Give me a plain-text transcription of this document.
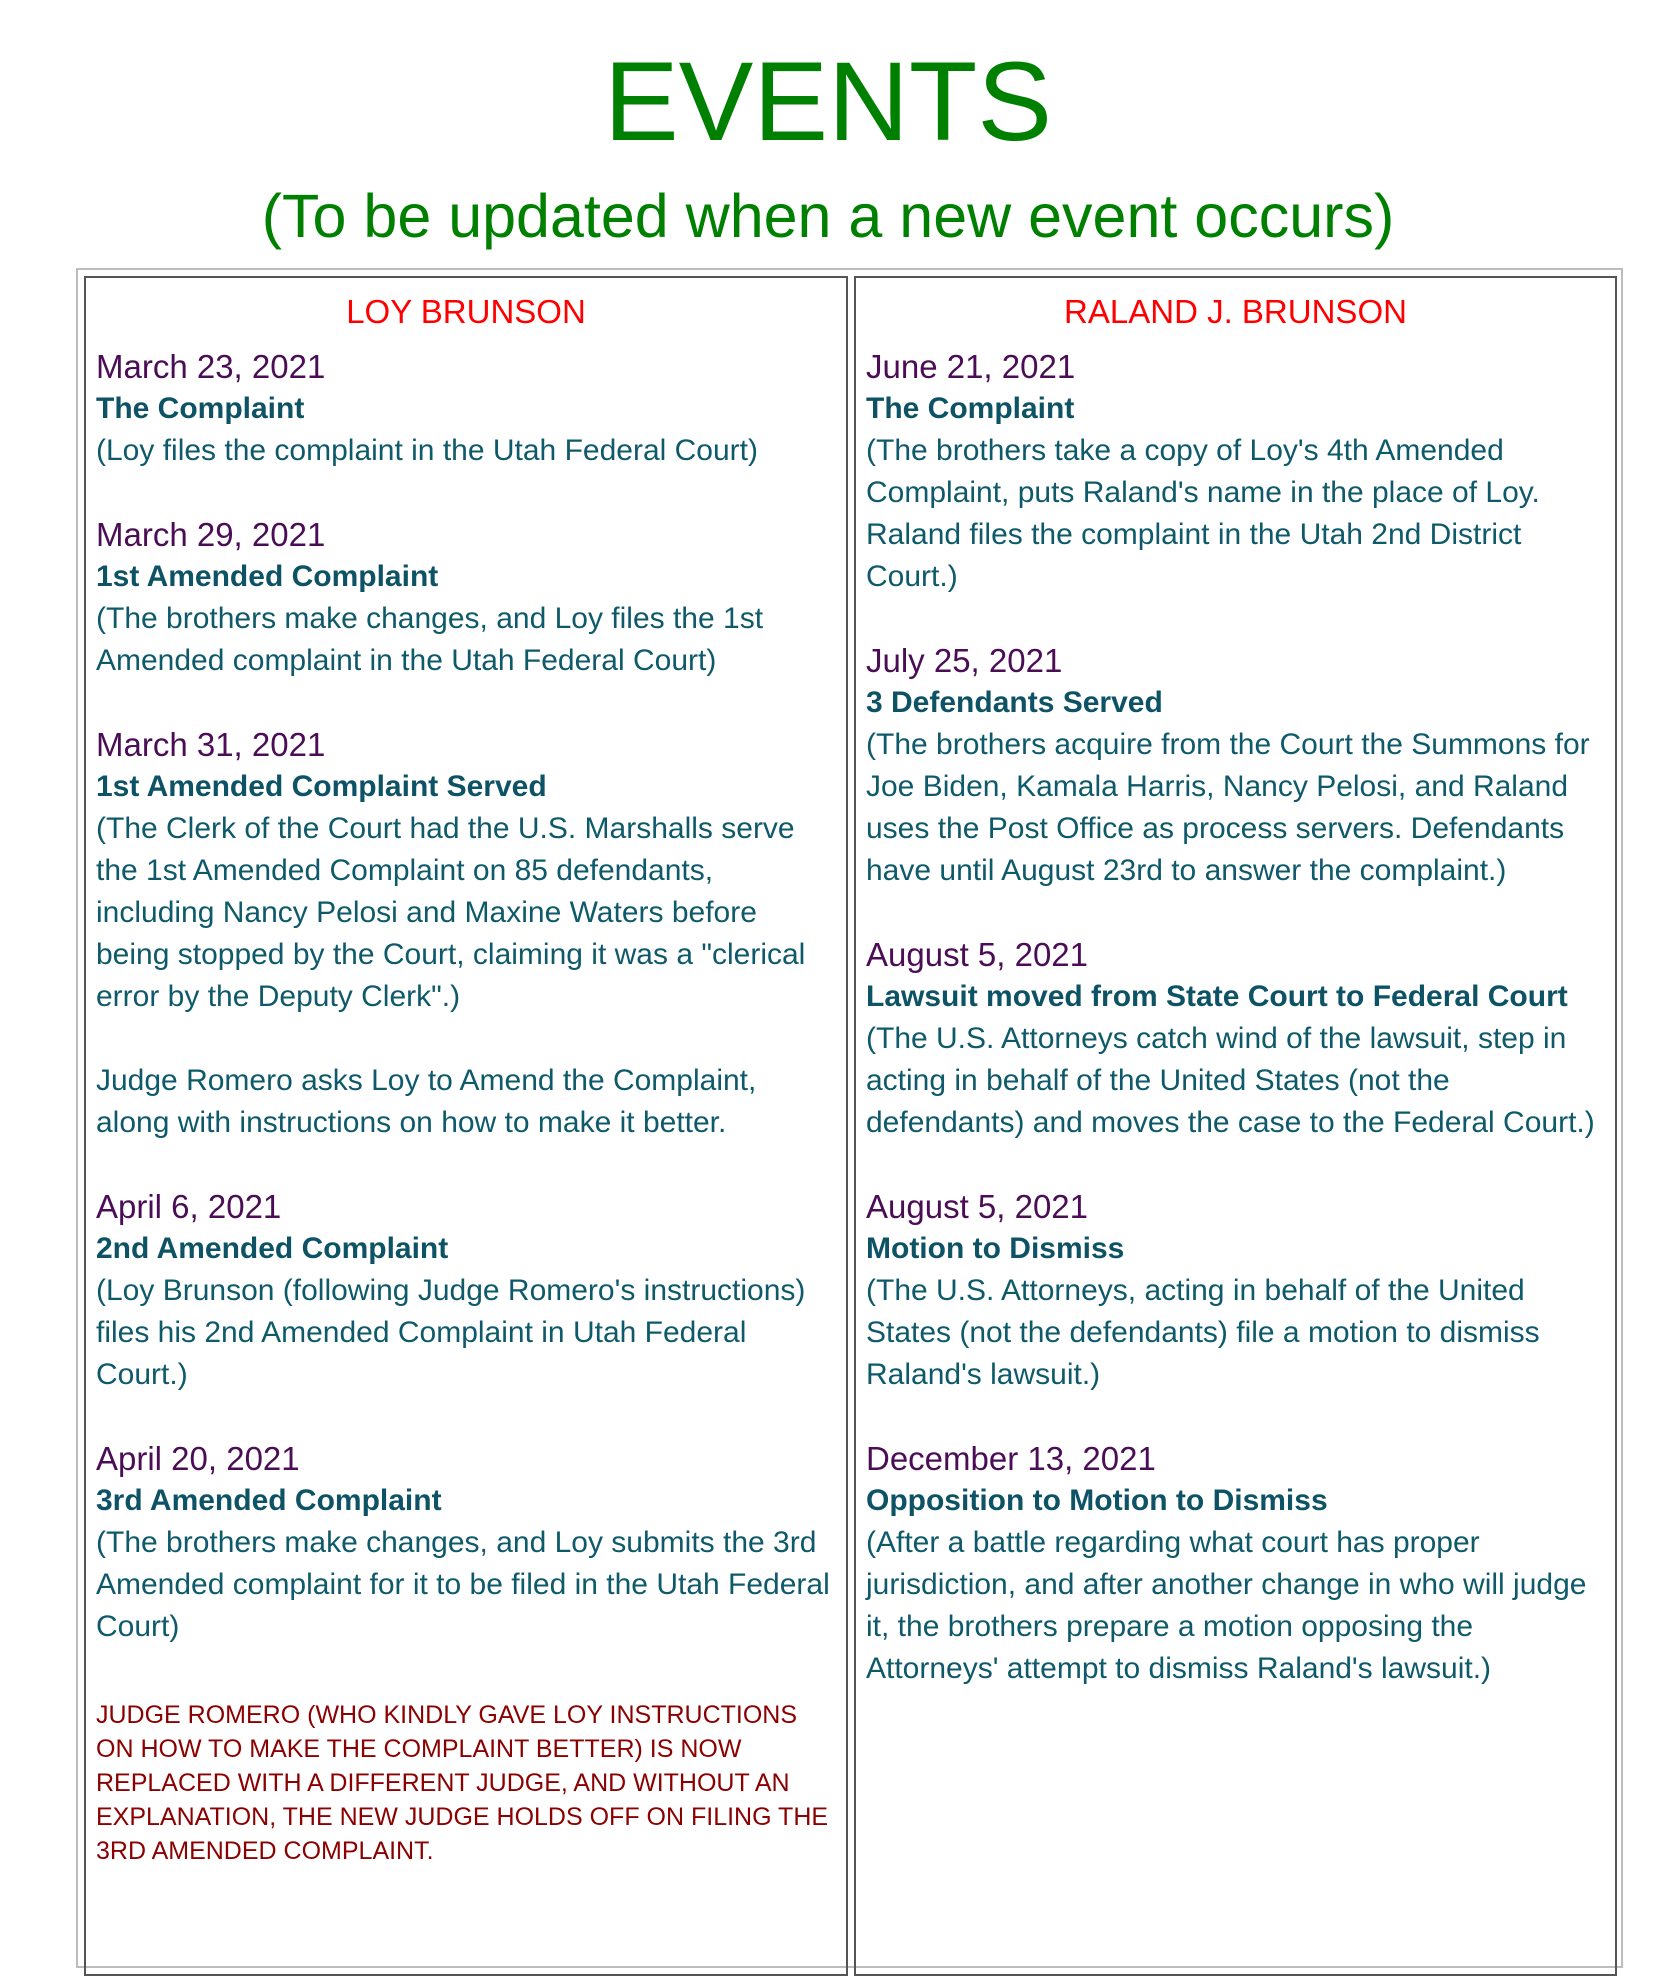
EVENTS
(To be updated when a new event occurs)
LOY BRUNSON
March 23, 2021
The Complaint
(Loy files the complaint in the Utah Federal Court)
March 29, 2021
1st Amended Complaint
(The brothers make changes, and Loy files the 1st Amended complaint in the Utah Federal Court)
March 31, 2021
1st Amended Complaint Served
(The Clerk of the Court had the U.S. Marshalls serve the 1st Amended Complaint on 85 defendants, including Nancy Pelosi and Maxine Waters before being stopped by the Court, claiming it was a "clerical error by the Deputy Clerk".)
Judge Romero asks Loy to Amend the Complaint, along with instructions on how to make it better.
April 6, 2021
2nd Amended Complaint
(Loy Brunson (following Judge Romero's instructions) files his 2nd Amended Complaint in Utah Federal Court.)
April 20, 2021
3rd Amended Complaint
(The brothers make changes, and Loy submits the 3rd Amended complaint for it to be filed in the Utah Federal Court)
JUDGE ROMERO (WHO KINDLY GAVE LOY INSTRUCTIONS ON HOW TO MAKE THE COMPLAINT BETTER) IS NOW REPLACED WITH A DIFFERENT JUDGE, AND WITHOUT AN EXPLANATION, THE NEW JUDGE HOLDS OFF ON FILING THE 3RD AMENDED COMPLAINT.
RALAND J. BRUNSON
June 21, 2021
The Complaint
(The brothers take a copy of Loy's 4th Amended Complaint, puts Raland's name in the place of Loy. Raland files the complaint in the Utah 2nd District Court.)
July 25, 2021
3 Defendants Served
(The brothers acquire from the Court the Summons for Joe Biden, Kamala Harris, Nancy Pelosi, and Raland uses the Post Office as process servers. Defendants have until August 23rd to answer the complaint.)
August 5, 2021
Lawsuit moved from State Court to Federal Court
(The U.S. Attorneys catch wind of the lawsuit, step in acting in behalf of the United States (not the defendants) and moves the case to the Federal Court.)
August 5, 2021
Motion to Dismiss
(The U.S. Attorneys, acting in behalf of the United States (not the defendants) file a motion to dismiss Raland's lawsuit.)
December 13, 2021
Opposition to Motion to Dismiss
(After a battle regarding what court has proper jurisdiction, and after another change in who will judge it, the brothers prepare a motion opposing the Attorneys' attempt to dismiss Raland's lawsuit.)
